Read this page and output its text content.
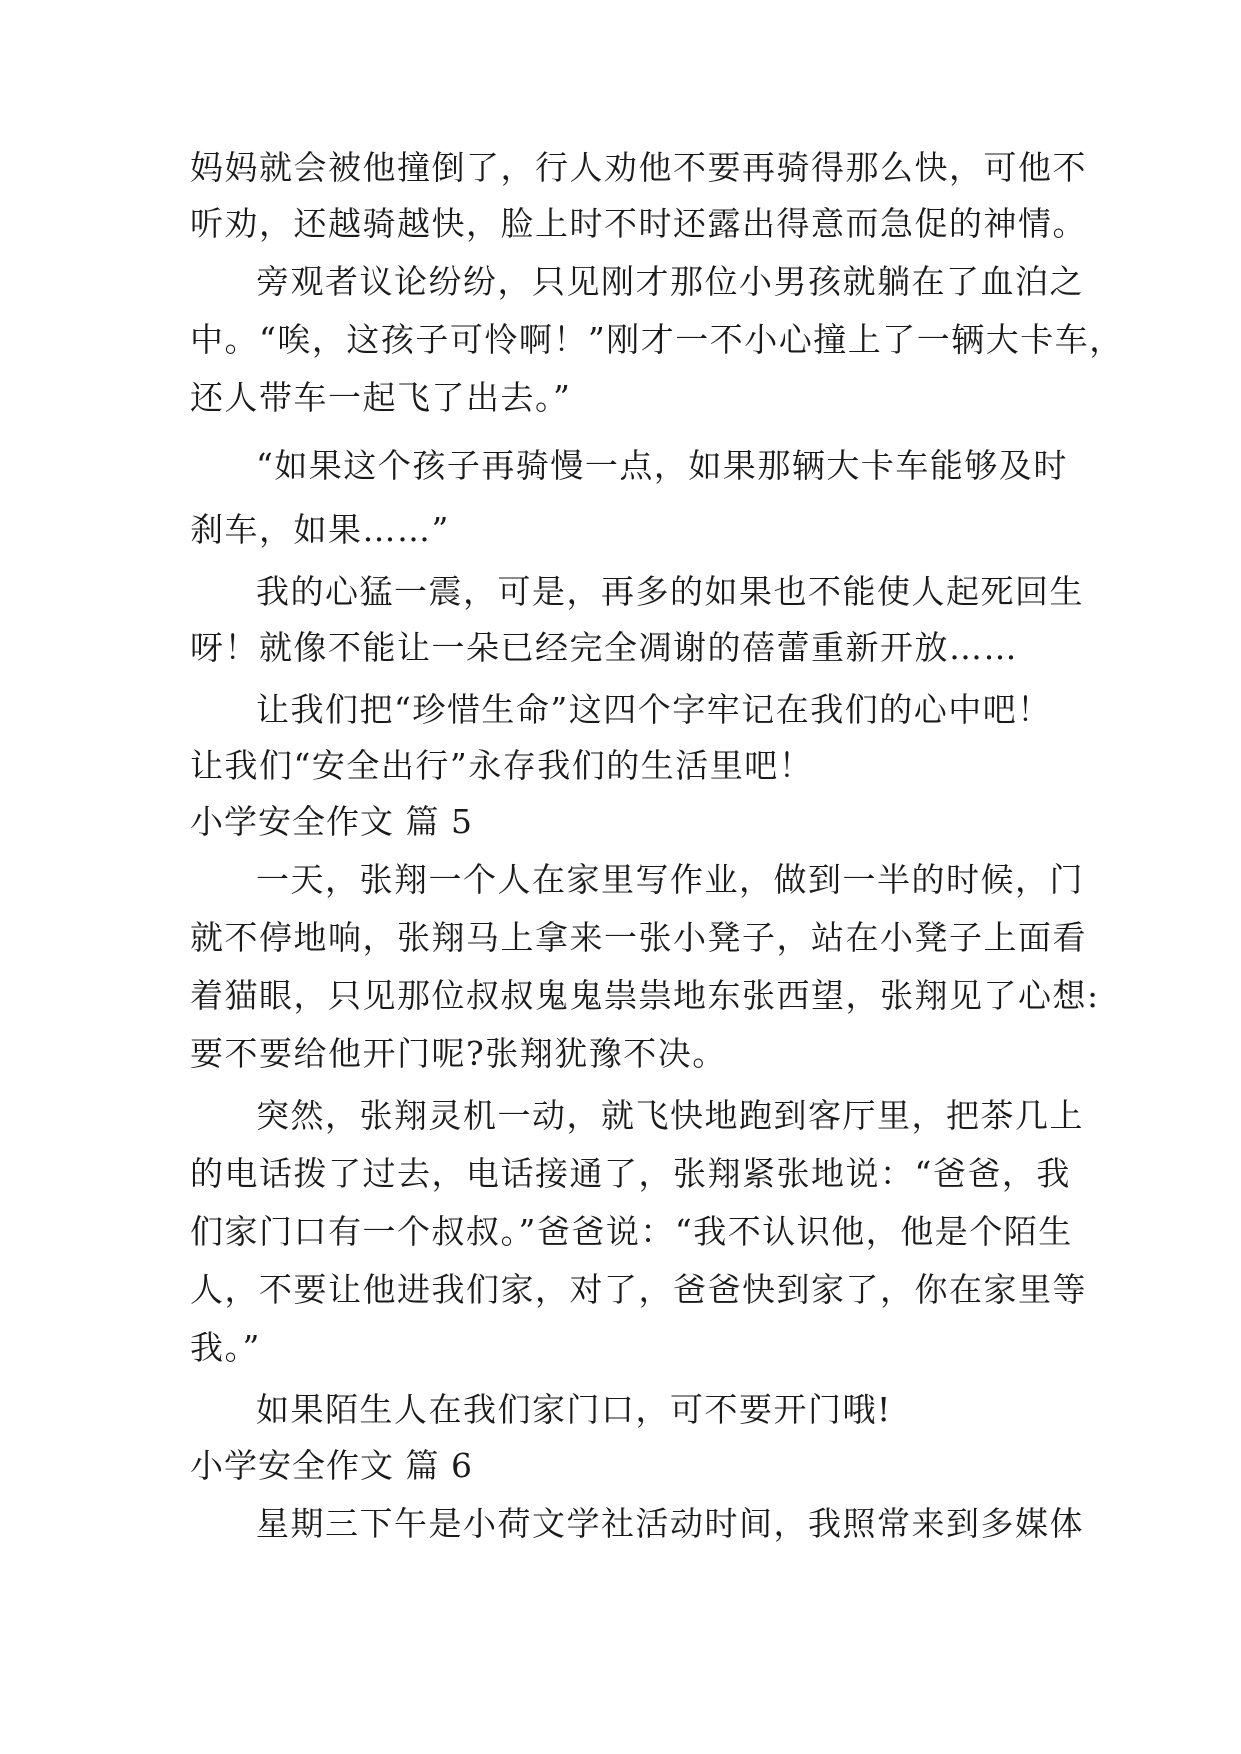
妈妈就会被他撞倒了，行人劝他不要再骑得那么快，可他不
听劝，还越骑越快，脸上时不时还露出得意而急促的神情。
旁观者议论纷纷，只见刚才那位小男孩就躺在了血泊之
中。“唉，这孩子可怜啊！”刚才一不小心撞上了一辆大卡车，
还人带车一起飞了出去。”
“如果这个孩子再骑慢一点，如果那辆大卡车能够及时
刹车，如果……”
我的心猛一震，可是，再多的如果也不能使人起死回生
呀！就像不能让一朵已经完全凋谢的蓓蕾重新开放……
让我们把“珍惜生命”这四个字牢记在我们的心中吧！
让我们“安全出行”永存我们的生活里吧！
小学安全作文 篇 5
一天，张翔一个人在家里写作业，做到一半的时候，门
就不停地响，张翔马上拿来一张小凳子，站在小凳子上面看
着猫眼，只见那位叔叔鬼鬼祟祟地东张西望，张翔见了心想:
要不要给他开门呢?张翔犹豫不决。
突然，张翔灵机一动，就飞快地跑到客厅里，把茶几上
的电话拨了过去，电话接通了，张翔紧张地说：“爸爸，我
们家门口有一个叔叔。”爸爸说：“我不认识他，他是个陌生
人，不要让他进我们家，对了，爸爸快到家了，你在家里等
我。”
如果陌生人在我们家门口，可不要开门哦!
小学安全作文 篇 6
星期三下午是小荷文学社活动时间，我照常来到多媒体
